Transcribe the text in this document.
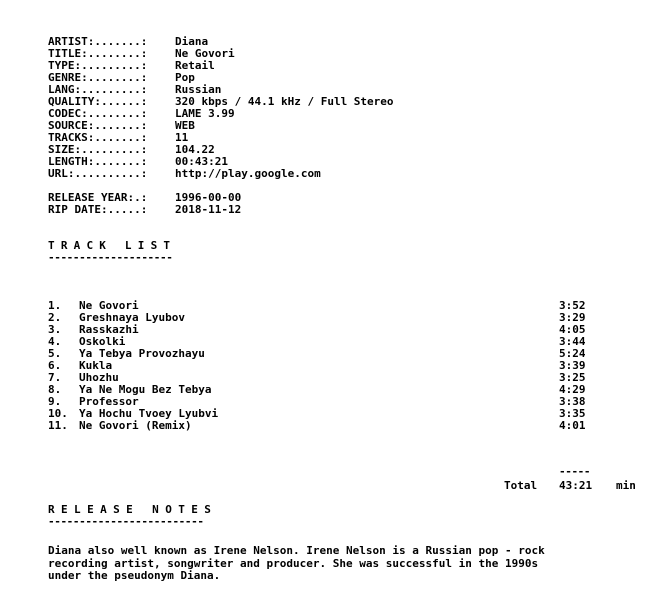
ARTIST:.......:	Diana
TITLE:........:	Ne Govori
TYPE:.........:	Retail
GENRE:........:	Pop
LANG:.........:	Russian
QUALITY:......:	320 kbps / 44.1 kHz / Full Stereo
CODEC:........:	LAME 3.99
SOURCE:.......:	WEB
TRACKS:.......:	11
SIZE:.........:	104.22
LENGTH:.......:	00:43:21
URL:..........:	http://play.google.com
RELEASE YEAR:.:	1996-00-00
RIP DATE:.....:	2018-11-12
TRACK LIST
--------------------
1. Ne Govori	3:52
2. Greshnaya Lyubov	3:29
3. Rasskazhi	4:05
4. Oskolki	3:44
5. Ya Tebya Provozhayu	5:24
6. Kukla	3:39
7. Uhozhu	3:25
8. Ya Ne Mogu Bez Tebya	4:29
9. Professor	3:38
10. Ya Hochu Tvoey Lyubvi	3:35
11. Ne Govori (Remix)	4:01
-----
Total 43:21 min
RELEASE NOTES
-------------------------
Diana also well known as Irene Nelson. Irene Nelson is a Russian pop - rock
recording artist, songwriter and producer. She was successful in the 1990s
under the pseudonym Diana.
